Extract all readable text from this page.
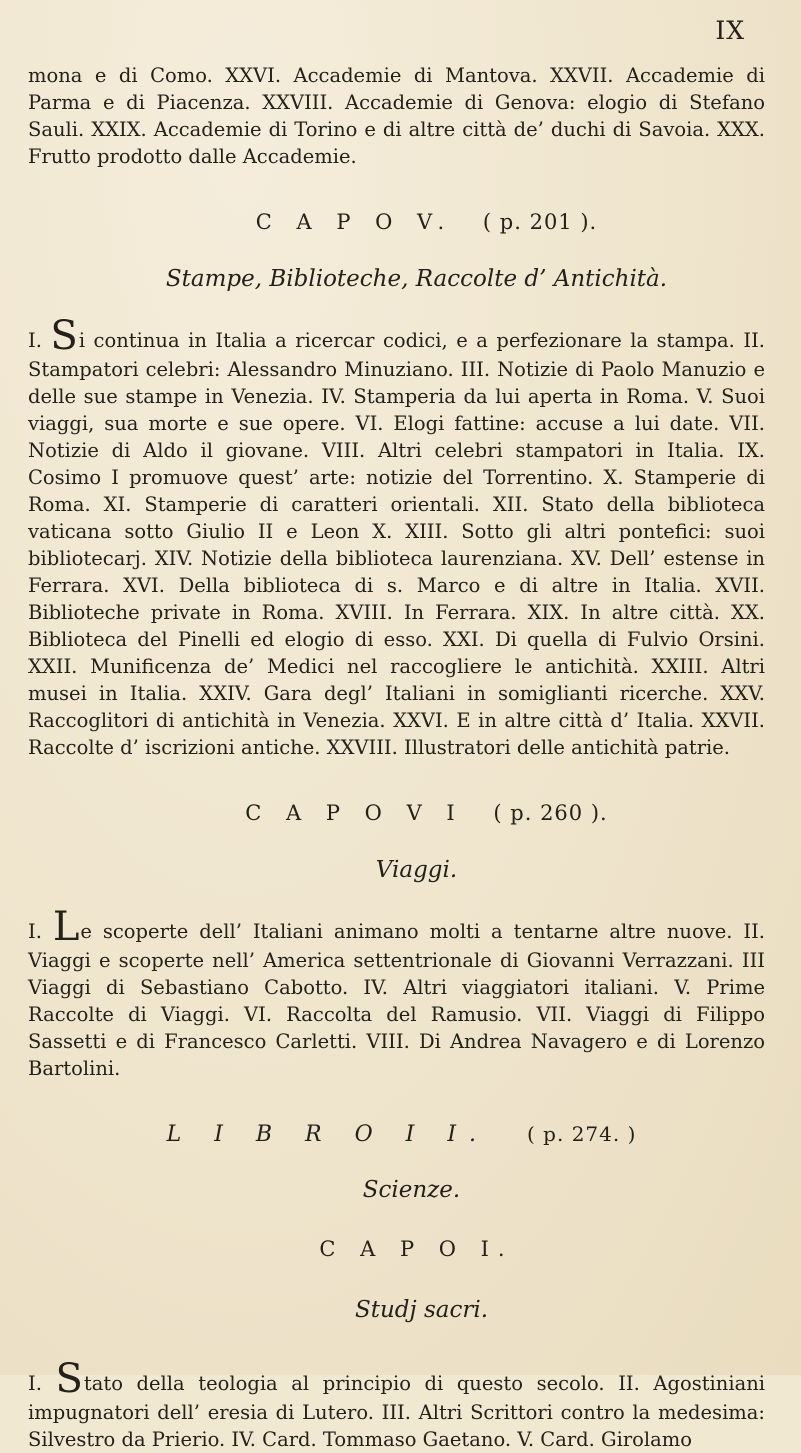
IX

mona e di Como. XXVI. Accademie di Mantova. XXVII. Accademie di Parma e di Piacenza. XXVIII. Accademie di Genova: elogio di Stefano Sauli. XXIX. Accademie di Torino e di altre città de’ duchi di Savoia. XXX. Frutto prodotto dalle Accademie.

C A P O V. ( p. 201 ).
Stampe, Biblioteche, Raccolte d’ Antichità.

I. Si continua in Italia a ricercar codici, e a perfezionare la stampa. II. Stampatori celebri: Alessandro Minuziano. III. Notizie di Paolo Manuzio e delle sue stampe in Venezia. IV. Stamperia da lui aperta in Roma. V. Suoi viaggi, sua morte e sue opere. VI. Elogi fattine: accuse a lui date. VII. Notizie di Aldo il giovane. VIII. Altri celebri stampatori in Italia. IX. Cosimo I promuove quest’ arte: notizie del Torrentino. X. Stamperie di Roma. XI. Stamperie di caratteri orientali. XII. Stato della biblioteca vaticana sotto Giulio II e Leon X. XIII. Sotto gli altri pontefici: suoi bibliotecarj. XIV. Notizie della biblioteca laurenziana. XV. Dell’ estense in Ferrara. XVI. Della biblioteca di s. Marco e di altre in Italia. XVII. Biblioteche private in Roma. XVIII. In Ferrara. XIX. In altre città. XX. Biblioteca del Pinelli ed elogio di esso. XXI. Di quella di Fulvio Orsini. XXII. Munificenza de’ Medici nel raccogliere le antichità. XXIII. Altri musei in Italia. XXIV. Gara degl’ Italiani in somiglianti ricerche. XXV. Raccoglitori di antichità in Venezia. XXVI. E in altre città d’ Italia. XXVII. Raccolte d’ iscrizioni antiche. XXVIII. Illustratori delle antichità patrie.

C A P O V I ( p. 260 ).
Viaggi.

I. Le scoperte dell’ Italiani animano molti a tentarne altre nuove. II. Viaggi e scoperte nell’ America settentrionale di Giovanni Verrazzani. III Viaggi di Sebastiano Cabotto. IV. Altri viaggiatori italiani. V. Prime Raccolte di Viaggi. VI. Raccolta del Ramusio. VII. Viaggi di Filippo Sassetti e di Francesco Carletti. VIII. Di Andrea Navagero e di Lorenzo Bartolini.

L I B R O I I. ( p. 274. )
Scienze.
C A P O I.
Studj sacri.

I. Stato della teologia al principio di questo secolo. II. Agostiniani impugnatori dell’ eresia di Lutero. III. Altri Scrittori contro la medesima: Silvestro da Prierio. IV. Card. Tommaso Gaetano. V. Card. Girolamo
